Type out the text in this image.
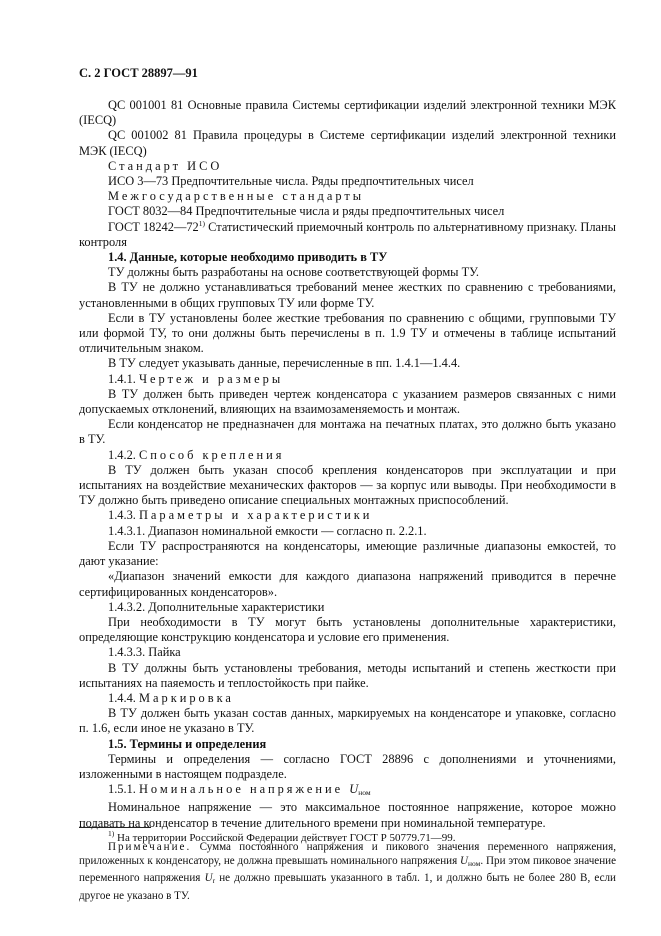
С. 2 ГОСТ 28897—91

QC 001001 81 Основные правила Системы сертификации изделий электронной техники МЭК (IECQ)

QC 001002 81 Правила процедуры в Системе сертификации изделий электронной техники МЭК (IECQ)

Стандарт ИСО

ИСО 3—73 Предпочтительные числа. Ряды предпочтительных чисел

Межгосударственные стандарты

ГОСТ 8032—84 Предпочтительные числа и ряды предпочтительных чисел

ГОСТ 18242—72$^{1)}$ Статистический приемочный контроль по альтернативному признаку. Планы контроля

1.4. Данные, которые необходимо приводить в ТУ

ТУ должны быть разработаны на основе соответствующей формы ТУ.

В ТУ не должно устанавливаться требований менее жестких по сравнению с требованиями, установленными в общих групповых ТУ или форме ТУ.

Если в ТУ установлены более жесткие требования по сравнению с общими, групповыми ТУ или формой ТУ, то они должны быть перечислены в п. 1.9 ТУ и отмечены в таблице испытаний отличительным знаком.

В ТУ следует указывать данные, перечисленные в пп. 1.4.1—1.4.4.

1.4.1. Чертеж и размеры

В ТУ должен быть приведен чертеж конденсатора с указанием размеров связанных с ними допускаемых отклонений, влияющих на взаимозаменяемость и монтаж.

Если конденсатор не предназначен для монтажа на печатных платах, это должно быть указано в ТУ.

1.4.2. Способ крепления

В ТУ должен быть указан способ крепления конденсаторов при эксплуатации и при испытаниях на воздействие механических факторов — за корпус или выводы. При необходимости в ТУ должно быть приведено описание специальных монтажных приспособлений.

1.4.3. Параметры и характеристики

1.4.3.1. Диапазон номинальной емкости — согласно п. 2.2.1.

Если ТУ распространяются на конденсаторы, имеющие различные диапазоны емкостей, то дают указание:

«Диапазон значений емкости для каждого диапазона напряжений приводится в перечне сертифицированных конденсаторов».

1.4.3.2. Дополнительные характеристики

При необходимости в ТУ могут быть установлены дополнительные характеристики, определяющие конструкцию конденсатора и условие его применения.

1.4.3.3. Пайка

В ТУ должны быть установлены требования, методы испытаний и степень жесткости при испытаниях на паяемость и теплостойкость при пайке.

1.4.4. Маркировка

В ТУ должен быть указан состав данных, маркируемых на конденсаторе и упаковке, согласно п. 1.6, если иное не указано в ТУ.

1.5. Термины и определения

Термины и определения — согласно ГОСТ 28896 с дополнениями и уточнениями, изложенными в настоящем подразделе.

1.5.1. Номинальное напряжение $U_{ном}$

Номинальное напряжение — это максимальное постоянное напряжение, которое можно подавать на конденсатор в течение длительного времени при номинальной температуре.

Примечание. Сумма постоянного напряжения и пикового значения переменного напряжения, приложенных к конденсатору, не должна превышать номинального напряжения $U_{ном}$. При этом пиковое значение переменного напряжения $U_r$ не должно превышать указанного в табл. 1, и должно быть не более 280 В, если другое не указано в ТУ.

$^{1)}$ На территории Российской Федерации действует ГОСТ Р 50779.71—99.
